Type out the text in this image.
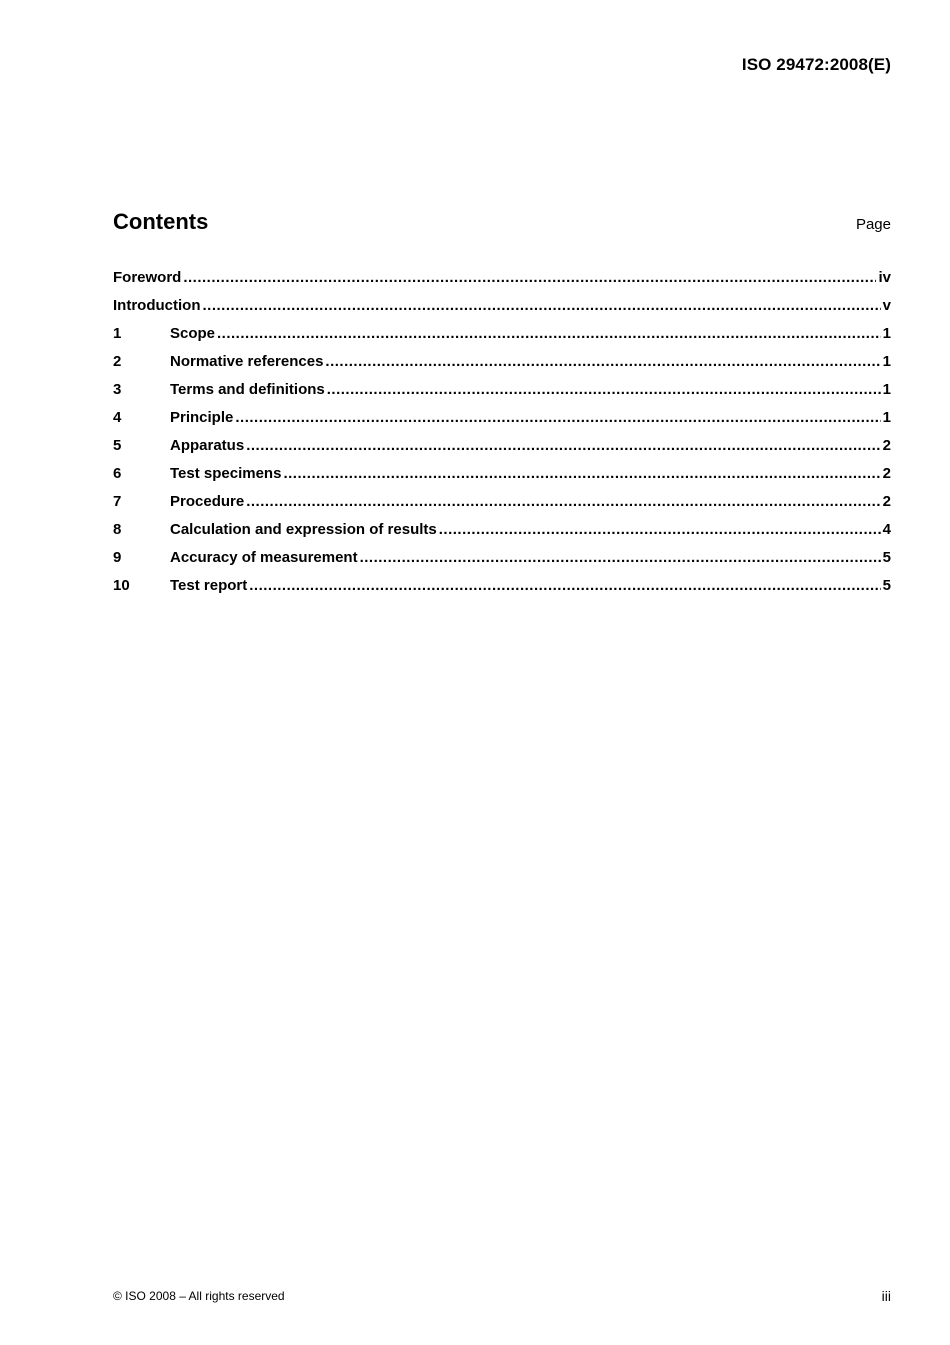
ISO 29472:2008(E)
Contents	Page
Foreword .....	iv
Introduction .....	v
1	Scope .....	1
2	Normative references .....	1
3	Terms and definitions .....	1
4	Principle .....	1
5	Apparatus .....	2
6	Test specimens .....	2
7	Procedure .....	2
8	Calculation and expression of results .....	4
9	Accuracy of measurement .....	5
10	Test report .....	5
© ISO 2008 – All rights reserved	iii
